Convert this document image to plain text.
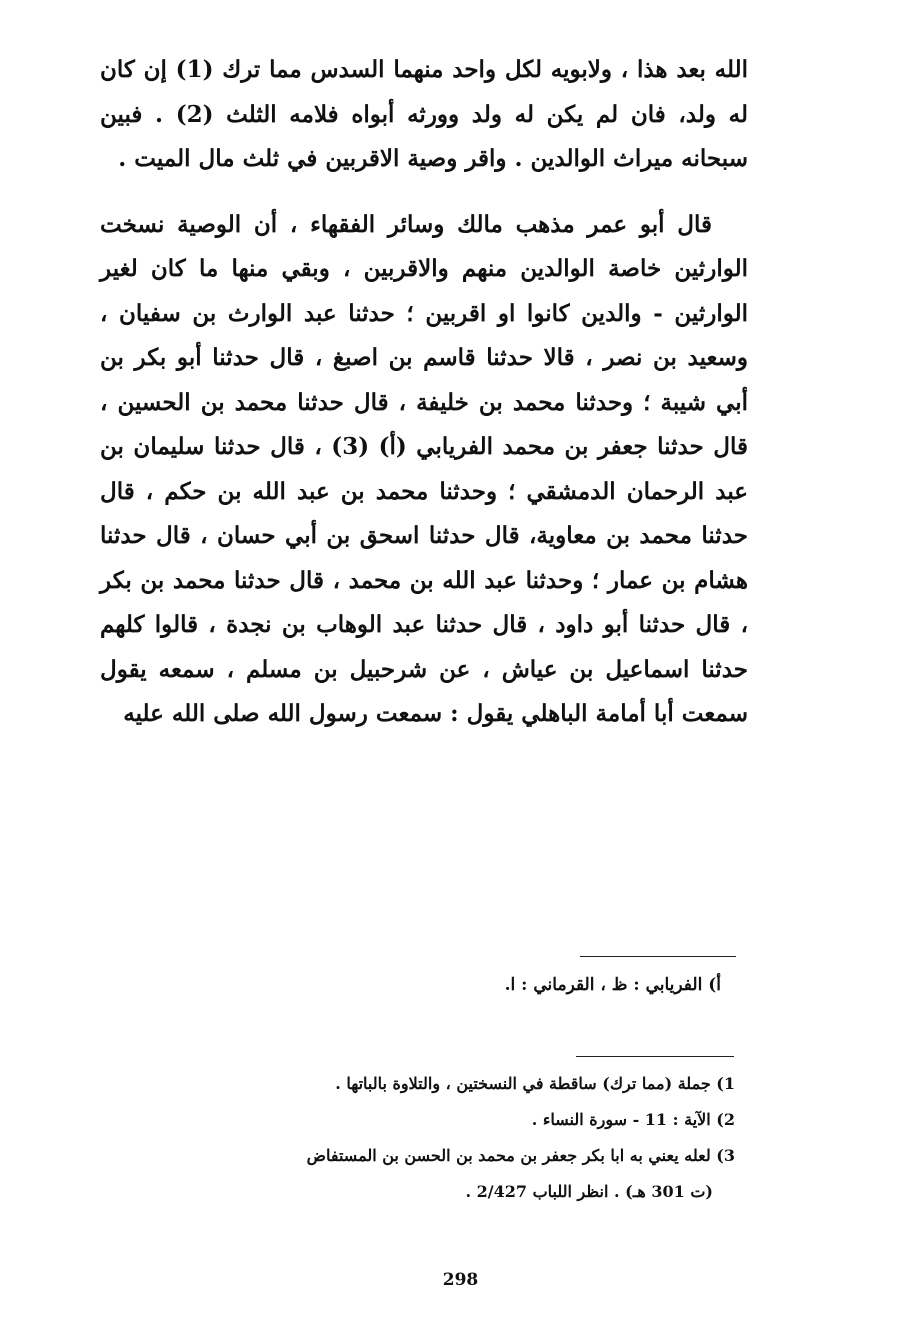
الله بعد هذا ، ولابويه لكل واحد منهما السدس مما ترك (1) إن كان له ولد، فان لم يكن له ولد وورثه أبواه فلامه الثلث (2) . فبين سبحانه ميراث الوالدين . واقر وصية الاقربين في ثلث مال الميت .

قال أبو عمر مذهب مالك وسائر الفقهاء ، أن الوصية نسخت الوارثين خاصة الوالدين منهم والاقربين ، وبقي منها ما كان لغير الوارثين - والدين كانوا او اقربين ؛ حدثنا عبد الوارث بن سفيان ، وسعيد بن نصر ، قالا حدثنا قاسم بن اصبغ ، قال حدثنا أبو بكر بن أبي شيبة ؛ وحدثنا محمد بن خليفة ، قال حدثنا محمد بن الحسين ، قال حدثنا جعفر بن محمد الفريابي (أ) (3) ، قال حدثنا سليمان بن عبد الرحمان الدمشقي ؛ وحدثنا محمد بن عبد الله بن حكم ، قال حدثنا محمد بن معاوية، قال حدثنا اسحق بن أبي حسان ، قال حدثنا هشام بن عمار ؛ وحدثنا عبد الله بن محمد ، قال حدثنا محمد بن بكر ، قال حدثنا أبو داود ، قال حدثنا عبد الوهاب بن نجدة ، قالوا كلهم حدثنا اسماعيل بن عياش ، عن شرحبيل بن مسلم ، سمعه يقول سمعت أبا أمامة الباهلي يقول : سمعت رسول الله صلى الله عليه

أ) الفريابي : ظ ، القرماني : ا.

1) جملة (مما ترك) ساقطة في النسختين ، والتلاوة بالباتها .

2) الآية : 11 - سورة النساء .

3) لعله يعني به ابا بكر جعفر بن محمد بن الحسن بن المستفاض

(ت 301 هـ) . انظر اللباب 2/427 .

298
